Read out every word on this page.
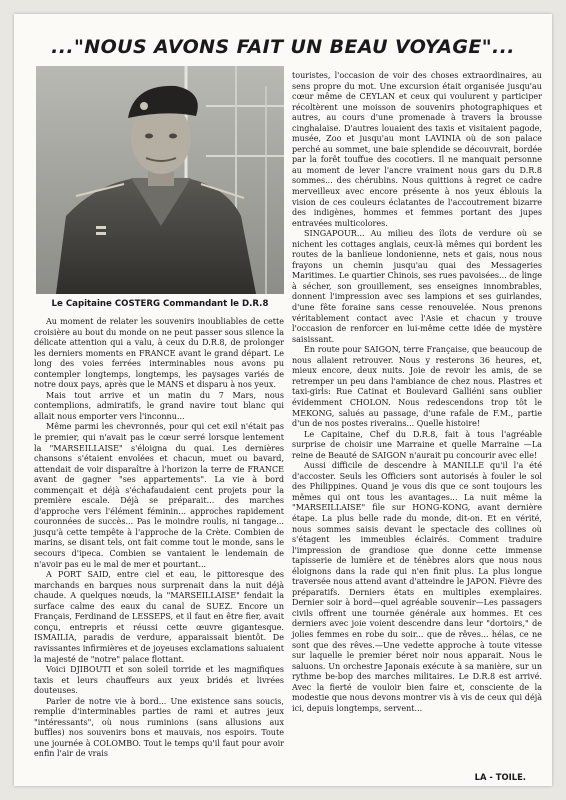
..."NOUS AVONS FAIT UN BEAU VOYAGE"...
Le Capitaine COSTERG Commandant le D.R.8

Au moment de relater les souvenirs inoubliables de cette croisière au bout du monde on ne peut passer sous silence la délicate attention qui a valu, à ceux du D.R.8, de prolonger les derniers moments en FRANCE avant le grand départ. Le long des voies ferrées interminables nous avons pu contempler longtemps, longtemps, les paysages variés de notre doux pays, après que le MANS et disparu à nos yeux.

Mais tout arrive et un matin du 7 Mars, nous contemplions, admiratifs, le grand navire tout blanc qui allait nous emporter vers l'inconnu...

Même parmi les chevronnés, pour qui cet exil n'était pas le premier, qui n'avait pas le cœur serré lorsque lentement la "MARSEILLAISE" s'éloigna du quai. Les dernières chansons s'étaient envolées et chacun, muet ou bavard, attendait de voir disparaître à l'horizon la terre de FRANCE avant de gagner "ses appartements". La vie à bord commençait et déjà s'échafaudaient cent projets pour la première escale. Déjà se préparait... des marches d'approche vers l'élément féminin... approches rapidement couronnées de succès... Pas le moindre roulis, ni tangage... jusqu'à cette tempête à l'approche de la Crète. Combien de marins, se disant tels, ont fait comme tout le monde, sans le secours d'ipeca. Combien se vantaient le lendemain de n'avoir pas eu le mal de mer et pourtant...

A PORT SAID, entre ciel et eau, le pittoresque des marchands en barques nous surprenait dans la nuit déjà chaude. A quelques nœuds, la "MARSEILLAISE" fendait la surface calme des eaux du canal de SUEZ. Encore un Français, Ferdinand de LESSEPS, et il faut en être fier, avait conçu, entrepris et réussi cette œuvre gigantesque. ISMAILIA, paradis de verdure, apparaissait bientôt. De ravissantes infirmières et de joyeuses exclamations saluaient la majesté de "notre" palace flottant.

Voici DJIBOUTI et son soleil torride et les magnifiques taxis et leurs chauffeurs aux yeux bridés et livrées douteuses.

Parler de notre vie à bord... Une existence sans soucis, remplie d'interminables parties de rami et autres jeux "intéressants", où nous ruminions (sans allusions aux buffles) nos souvenirs bons et mauvais, nos espoirs. Toute une journée à COLOMBO. Tout le temps qu'il faut pour avoir enfin l'air de vrais

touristes, l'occasion de voir des choses extraordinaires, au sens propre du mot. Une excursion était organisée jusqu'au cœur même de CEYLAN et ceux qui voulurent y participer récoltèrent une moisson de souvenirs photographiques et autres, au cours d'une promenade à travers la brousse cinghalaise. D'autres louaient des taxis et visitaient pagode, musée, Zoo et jusqu'au mont LAVINIA où de son palace perché au sommet, une baie splendide se découvrait, bordée par la forêt touffue des cocotiers. Il ne manquait personne au moment de lever l'ancre vraiment nous gars du D.R.8 sommes... des chérubins. Nous quittions à regret ce cadre merveilleux avec encore présente à nos yeux éblouis la vision de ces couleurs éclatantes de l'accoutrement bizarre des indigènes, hommes et femmes portant des jupes entravées multicolores.

SINGAPOUR... Au milieu des îlots de verdure où se nichent les cottages anglais, ceux-là mêmes qui bordent les routes de la banlieue londonienne, nets et gais, nous nous frayons un chemin jusqu'au quai des Messageries Maritimes. Le quartier Chinois, ses rues pavoisées... de linge à sécher, son grouillement, ses enseignes innombrables, donnent l'impression avec ses lampions et ses guirlandes, d'une fête foraine sans cesse renouvelée. Nous prenons véritablement contact avec l'Asie et chacun y trouve l'occasion de renforcer en lui-même cette idée de mystère saisissant.

En route pour SAIGON, terre Française, que beaucoup de nous allaient retrouver. Nous y resterons 36 heures, et, mieux encore, deux nuits. Joie de revoir les amis, de se retremper un peu dans l'ambiance de chez nous. Plastres et taxi-girls: Rue Catinat et Boulevard Galliéni sans oublier évidemment CHOLON. Nous redescendons trop tôt le MEKONG, salués au passage, d'une rafale de F.M., partie d'un de nos postes riverains... Quelle histoire!

Le Capitaine, Chef du D.R.8, fait à tous l'agréable surprise de choisir une Marraine et quelle Marraine —La reine de Beauté de SAIGON n'aurait pu concourir avec elle!

Aussi difficile de descendre à MANILLE qu'il l'a été d'accoster. Seuls les Officiers sont autorisés à fouler le sol des Philippines. Quand je vous dis que ce sont toujours les mêmes qui ont tous les avantages... La nuit même la "MARSEILLAISE" file sur HONG-KONG, avant dernière étape. La plus belle rade du monde, dit-on. Et en vérité, nous sommes saisis devant le spectacle des collines où s'étagent les immeubles éclairés. Comment traduire l'impression de grandiose que donne cette immense tapisserie de lumière et de ténèbres alors que nous nous éloignons dans la rade qui n'en finit plus. La plus longue traversée nous attend avant d'atteindre le JAPON. Fièvre des préparatifs. Derniers états en multiples exemplaires. Dernier soir à bord—quel agréable souvenir—Les passagers civils offrent une tournée générale aux hommes. Et ces derniers avec joie voient descendre dans leur "dortoirs," de jolies femmes en robe du soir... que de rêves... hélas, ce ne sont que des rêves.—Une vedette approche à toute vitesse sur laquelle le premier béret noir nous apparait. Nous le saluons. Un orchestre Japonais exécute à sa manière, sur un rythme be-bop des marches militaires. Le D.R.8 est arrivé. Avec la fierté de vouloir bien faire et, consciente de la modestie que nous devons montrer vis à vis de ceux qui déjà ici, depuis longtemps, servent...

LA - TOILE.
